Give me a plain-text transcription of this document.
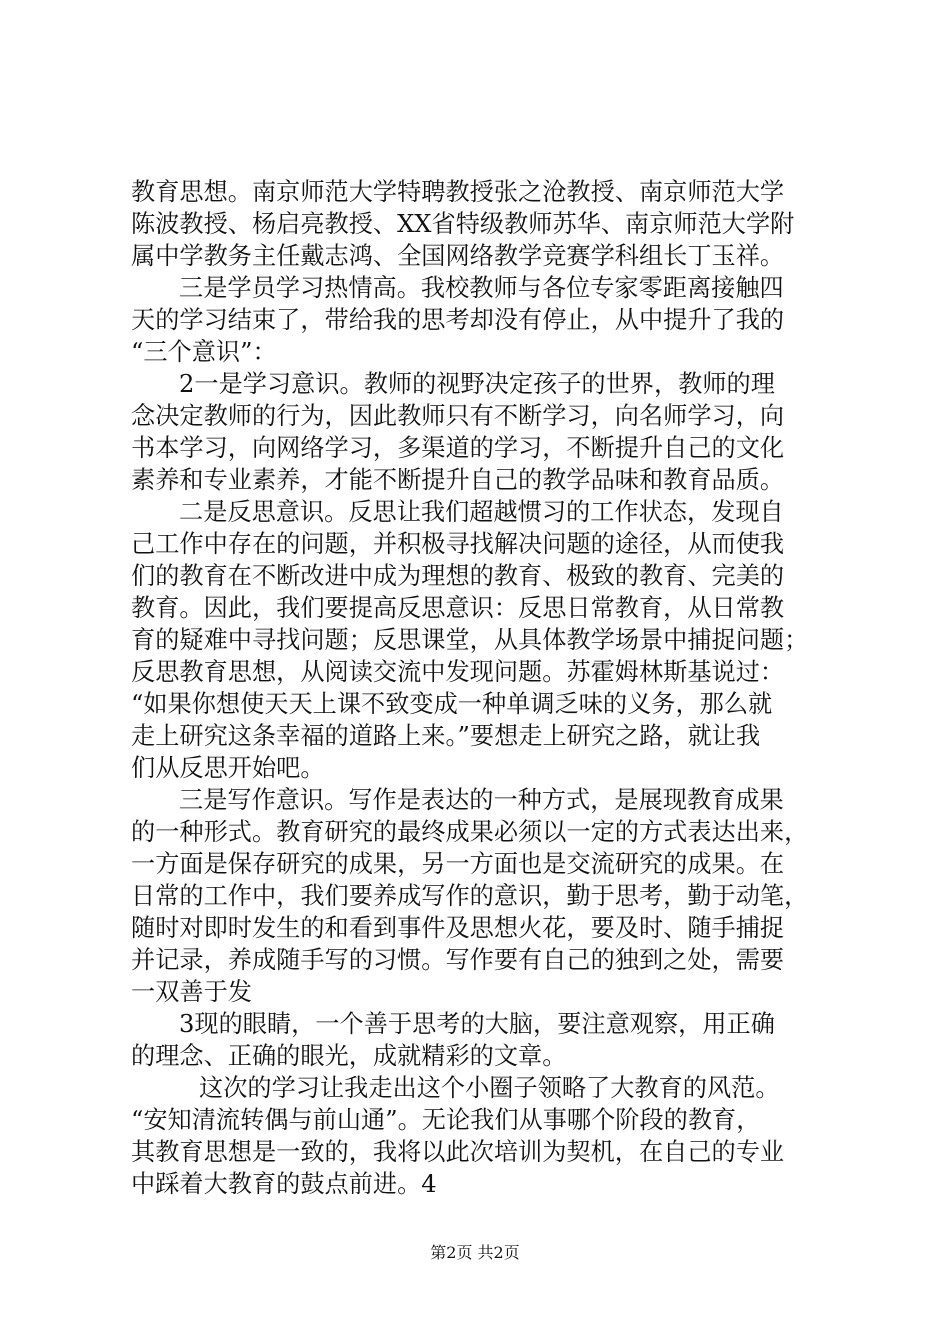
教育思想。南京师范大学特聘教授张之沧教授、南京师范大学
陈波教授、杨启亮教授、XX省特级教师苏华、南京师范大学附
属中学教务主任戴志鸿、全国网络教学竞赛学科组长丁玉祥。
三是学员学习热情高。我校教师与各位专家零距离接触四
天的学习结束了，带给我的思考却没有停止，从中提升了我的
“三个意识”：
2一是学习意识。教师的视野决定孩子的世界，教师的理
念决定教师的行为，因此教师只有不断学习，向名师学习，向
书本学习，向网络学习，多渠道的学习，不断提升自己的文化
素养和专业素养，才能不断提升自己的教学品味和教育品质。
二是反思意识。反思让我们超越惯习的工作状态，发现自
己工作中存在的问题，并积极寻找解决问题的途径，从而使我
们的教育在不断改进中成为理想的教育、极致的教育、完美的
教育。因此，我们要提高反思意识：反思日常教育，从日常教
育的疑难中寻找问题；反思课堂，从具体教学场景中捕捉问题；
反思教育思想，从阅读交流中发现问题。苏霍姆林斯基说过：
“如果你想使天天上课不致变成一种单调乏味的义务，那么就
走上研究这条幸福的道路上来。”要想走上研究之路，就让我
们从反思开始吧。
三是写作意识。写作是表达的一种方式，是展现教育成果
的一种形式。教育研究的最终成果必须以一定的方式表达出来，
一方面是保存研究的成果，另一方面也是交流研究的成果。在
日常的工作中，我们要养成写作的意识，勤于思考，勤于动笔，
随时对即时发生的和看到事件及思想火花，要及时、随手捕捉
并记录，养成随手写的习惯。写作要有自己的独到之处，需要
一双善于发
3现的眼睛，一个善于思考的大脑，要注意观察，用正确
的理念、正确的眼光，成就精彩的文章。
这次的学习让我走出这个小圈子领略了大教育的风范。
“安知清流转偶与前山通”。无论我们从事哪个阶段的教育，
其教育思想是一致的，我将以此次培训为契机，在自己的专业
中踩着大教育的鼓点前进。4
第2页 共2页
